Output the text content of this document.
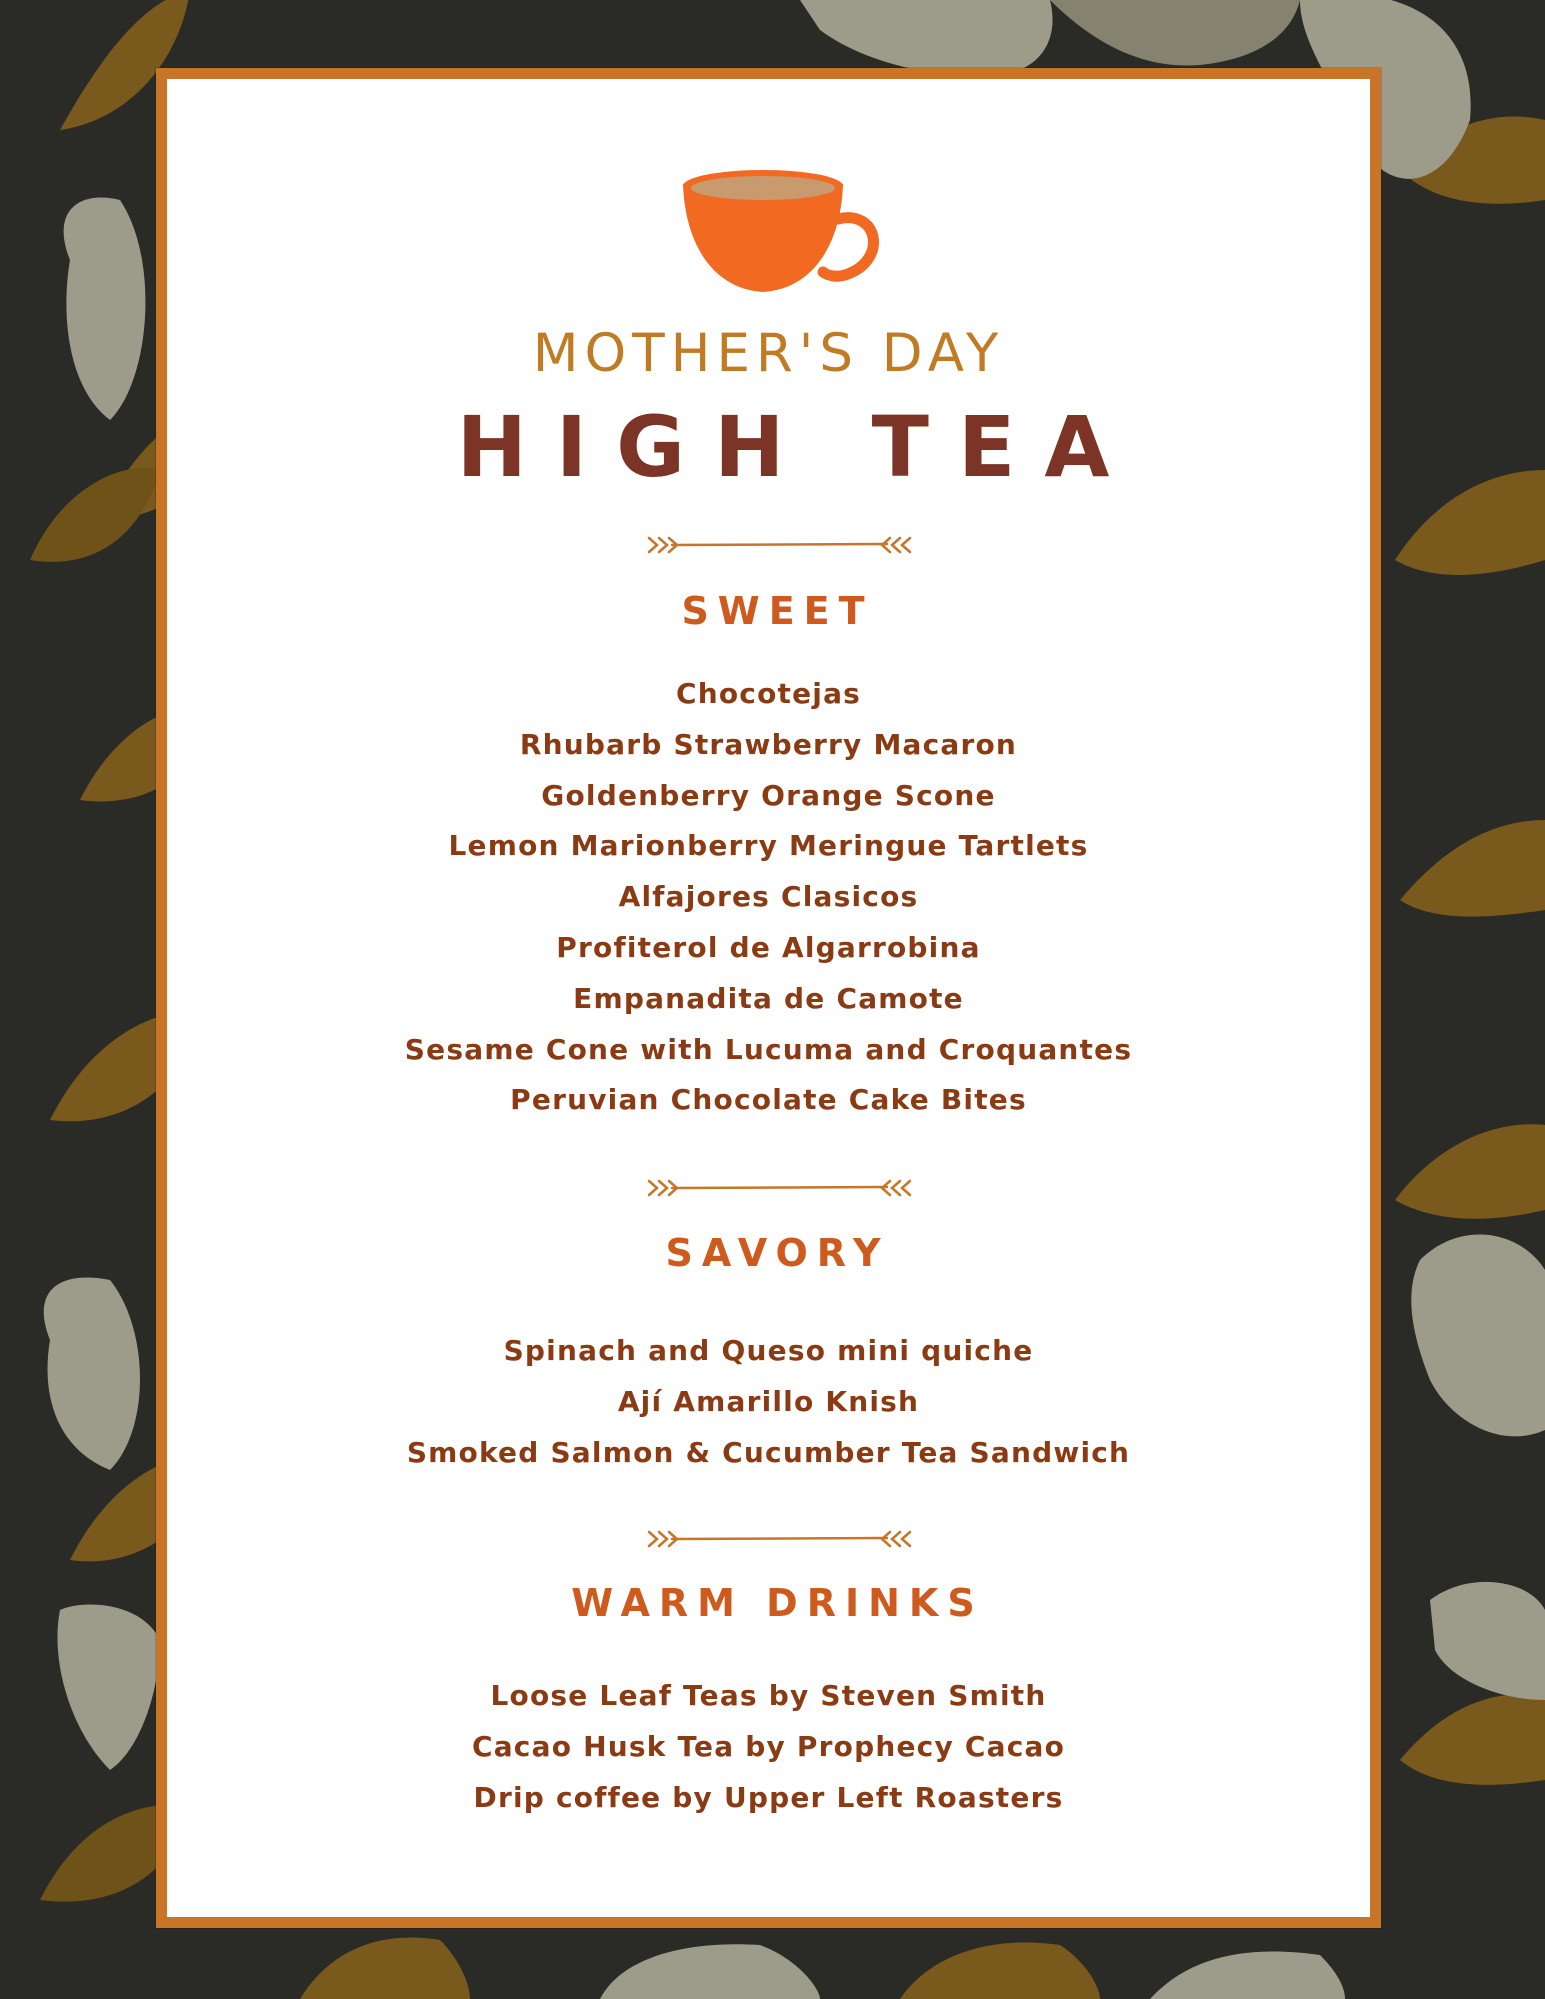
MOTHER'S DAY
HIGH TEA
SWEET
Chocotejas
Rhubarb Strawberry Macaron
Goldenberry Orange Scone
Lemon Marionberry Meringue Tartlets
Alfajores Clasicos
Profiterol de Algarrobina
Empanadita de Camote
Sesame Cone with Lucuma and Croquantes
Peruvian Chocolate Cake Bites
SAVORY
Spinach and Queso mini quiche
Ají Amarillo Knish
Smoked Salmon & Cucumber Tea Sandwich
WARM DRINKS
Loose Leaf Teas by Steven Smith
Cacao Husk Tea by Prophecy Cacao
Drip coffee by Upper Left Roasters
